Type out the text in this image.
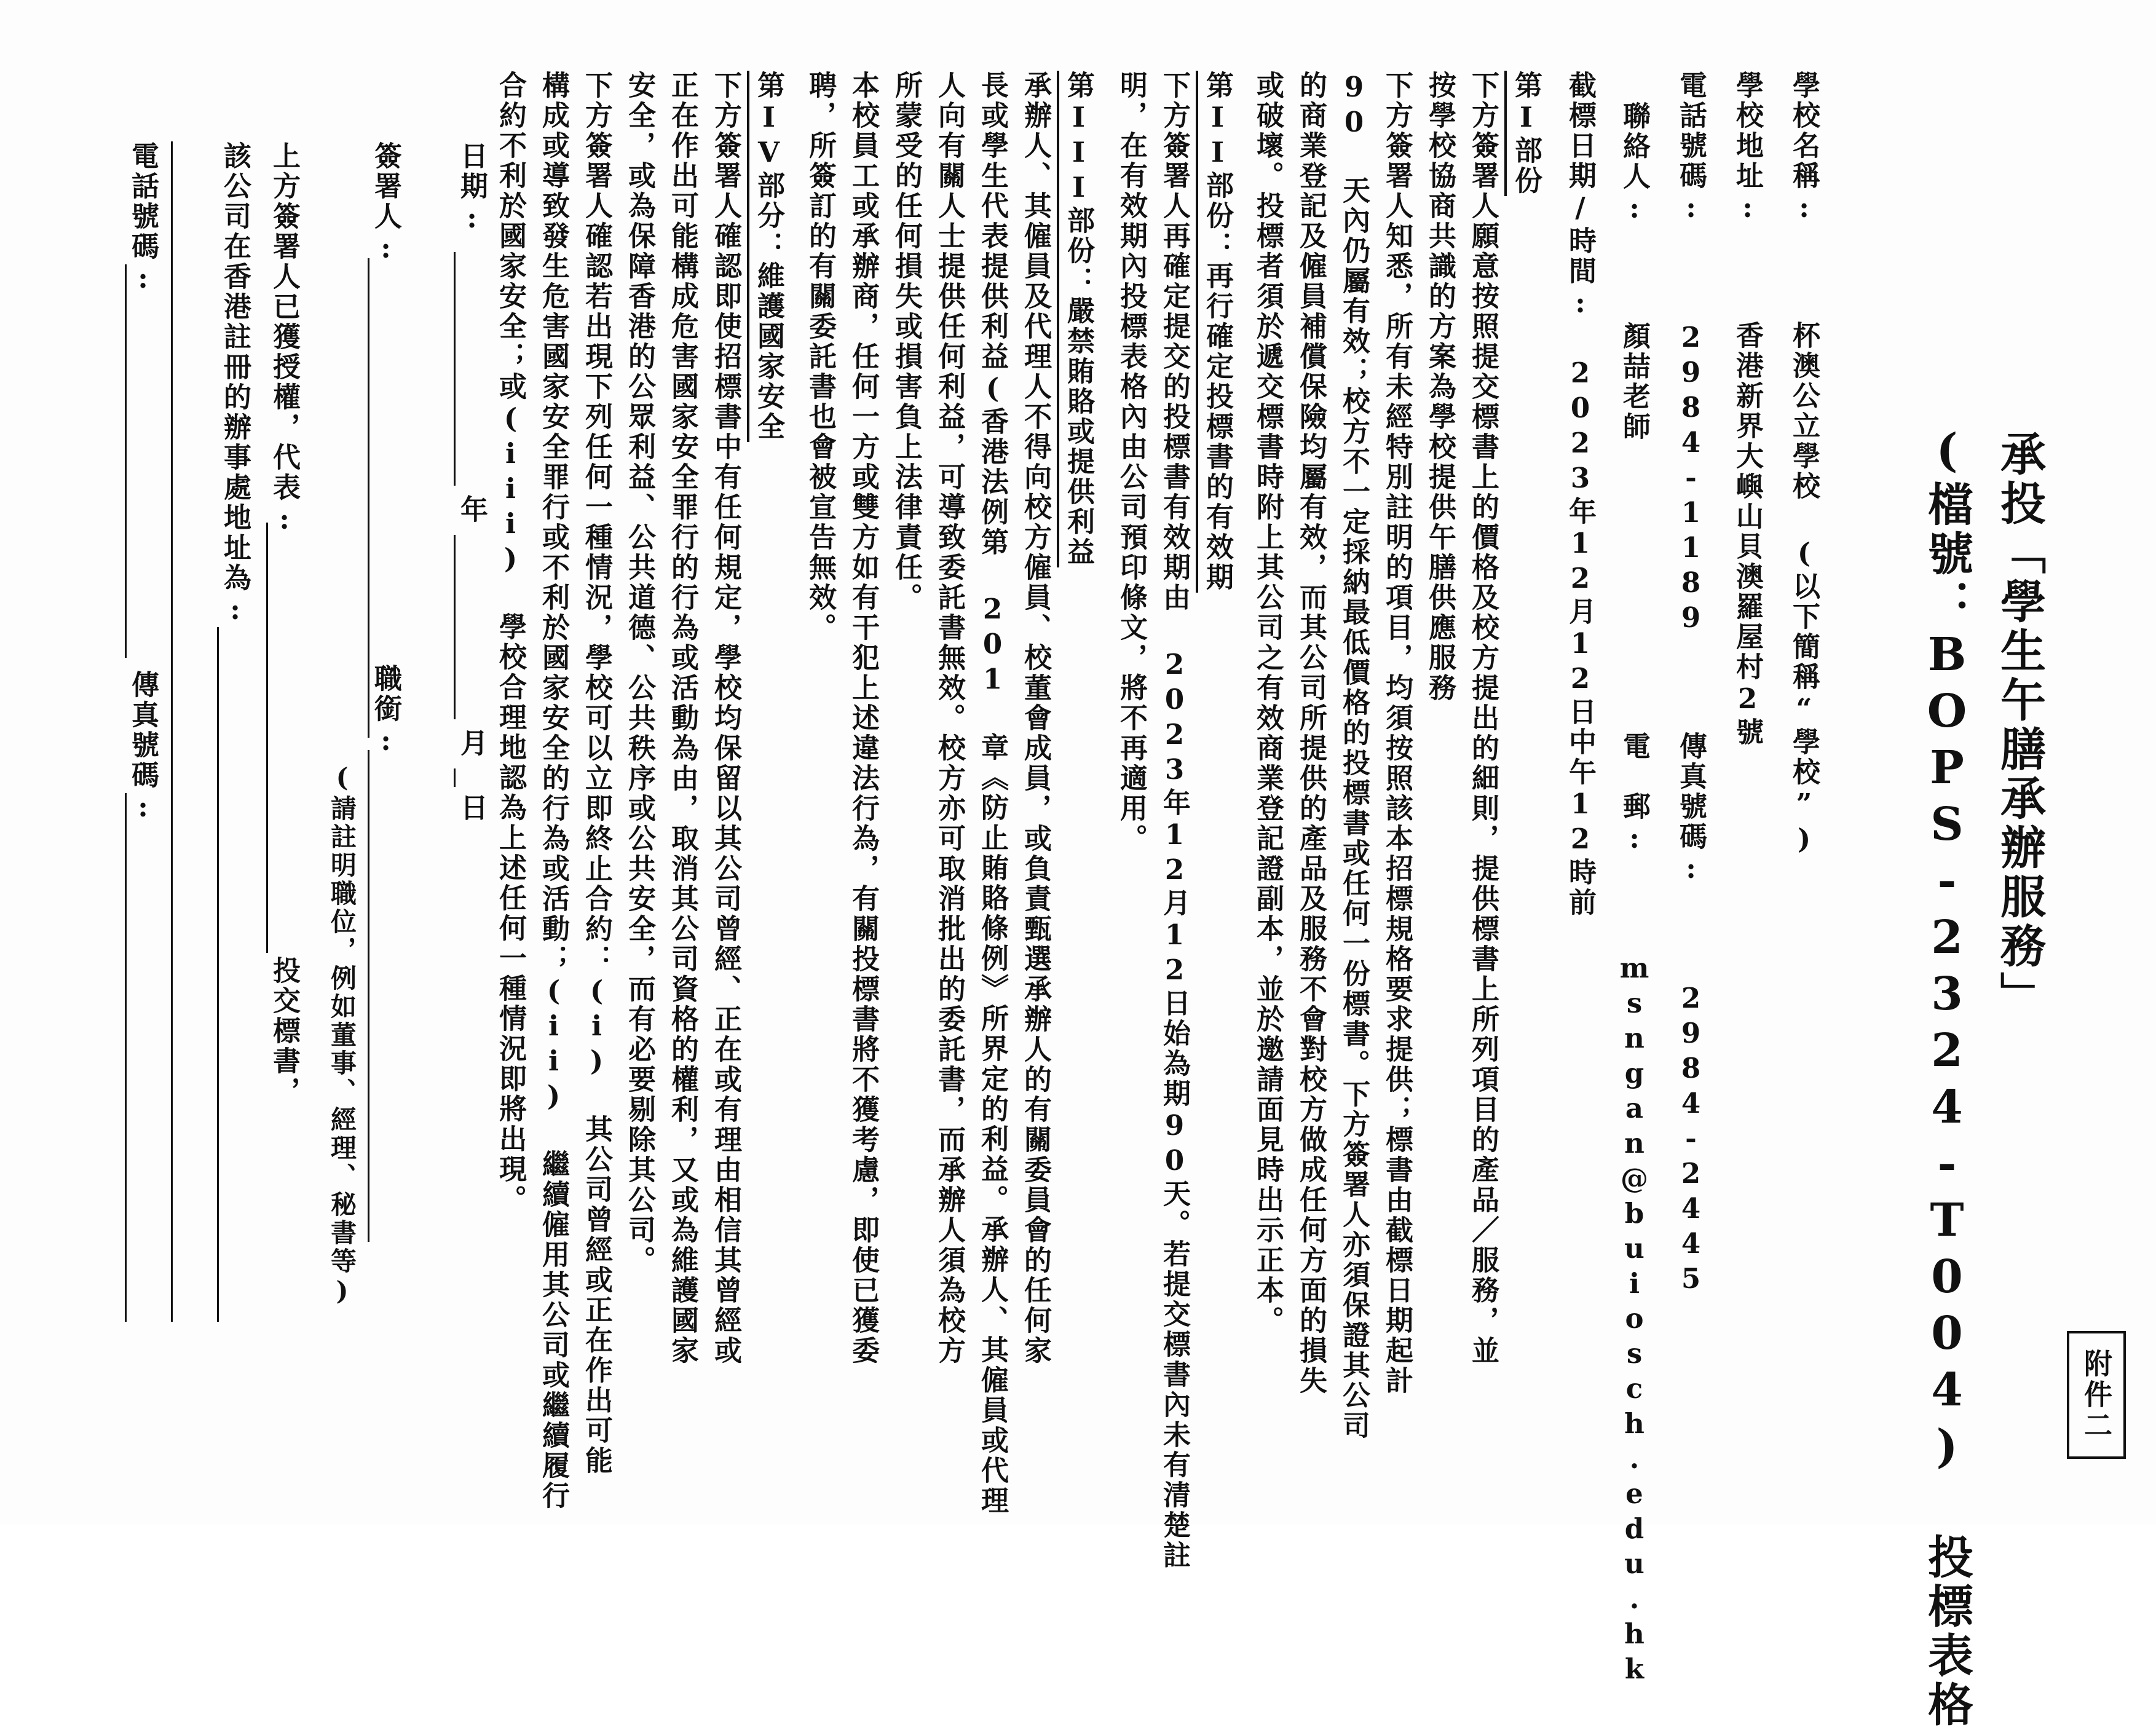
附件二
承投「學生午膳承辦服務」
(檔號：BOPS-2324-T004) 投標表格
學校名稱:  杯澳公立學校 (以下簡稱“學校”)
學校地址:  香港新界大嶼山貝澳羅屋村2號
電話號碼:  2984-1189
傳真號碼:  2984-2445
聯絡人:  顏喆老師
電　郵:  msngan@buiosch.edu.hk
截標日期/時間: 2023年12月12日中午12時前
第I部份
下方簽署人願意按照提交標書上的價格及校方提出的細則，提供標書上所列項目的產品／服務，並
按學校協商共識的方案為學校提供午膳供應服務
下方簽署人知悉，所有未經特別註明的項目，均須按照該本招標規格要求提供；標書由截標日期起計
90 天內仍屬有效；校方不一定採納最低價格的投標書或任何一份標書。下方簽署人亦須保證其公司
的商業登記及僱員補償保險均屬有效，而其公司所提供的產品及服務不會對校方做成任何方面的損失
或破壞。投標者須於遞交標書時附上其公司之有效商業登記證副本，並於邀請面見時出示正本。
第II部份：再行確定投標書的有效期
下方簽署人再確定提交的投標書有效期由 2023年12月12日始為期90天。若提交標書內未有清楚註
明，在有效期內投標表格內由公司預印條文，將不再適用。
第III部份：嚴禁賄賂或提供利益
承辦人、其僱員及代理人不得向校方僱員、校董會成員，或負責甄選承辦人的有關委員會的任何家
長或學生代表提供利益(香港法例第 201 章《防止賄賂條例》所界定的利益。承辦人、其僱員或代理
人向有關人士提供任何利益，可導致委託書無效。校方亦可取消批出的委託書，而承辦人須為校方
所蒙受的任何損失或損害負上法律責任。
本校員工或承辦商，任何一方或雙方如有干犯上述違法行為，有關投標書將不獲考慮，即使已獲委
聘，所簽訂的有關委託書也會被宣告無效。
第IV部分：維護國家安全
下方簽署人確認即使招標書中有任何規定，學校均保留以其公司曾經、正在或有理由相信其曾經或
正在作出可能構成危害國家安全罪行的行為或活動為由，取消其公司資格的權利，又或為維護國家
安全，或為保障香港的公眾利益、公共道德、公共秩序或公共安全，而有必要剔除其公司。
下方簽署人確認若出現下列任何一種情況，學校可以立即終止合約：(i) 其公司曾經或正在作出可能
構成或導致發生危害國家安全罪行或不利於國家安全的行為或活動；(ii) 繼續僱用其公司或繼續履行
合約不利於國家安全；或(iii) 學校合理地認為上述任何一種情況即將出現。
日期:
年
月
日
簽署人:
職銜:
(請註明職位，例如董事、經理、秘書等)
上方簽署人已獲授權，代表:
投交標書，
該公司在香港註冊的辦事處地址為:
電話號碼:
傳真號碼:
